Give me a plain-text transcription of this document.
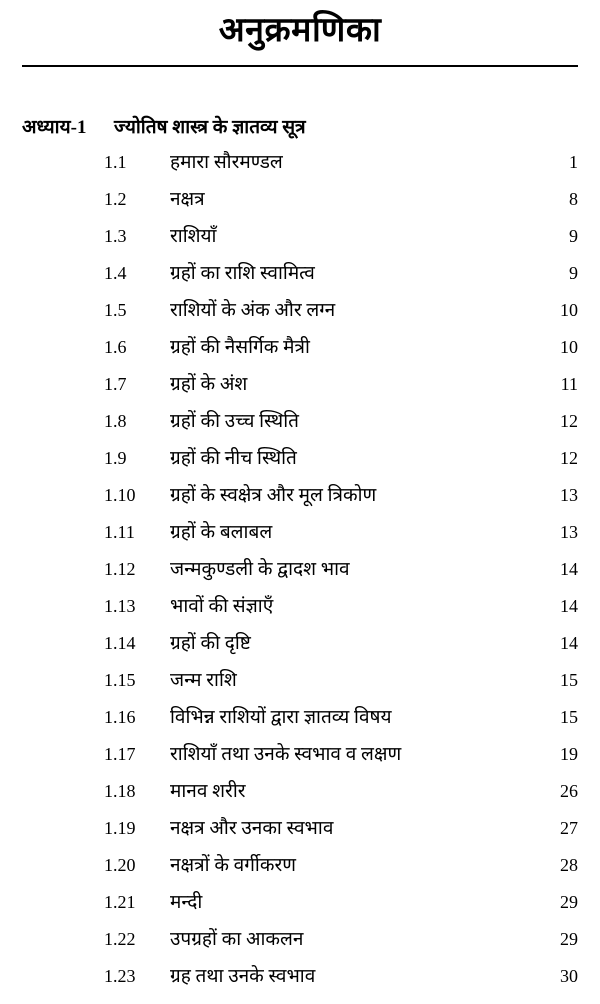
अनुक्रमणिका
अध्याय-1	ज्योतिष शास्त्र के ज्ञातव्य सूत्र
1.1	हमारा सौरमण्डल	1
1.2	नक्षत्र	8
1.3	राशियाँ	9
1.4	ग्रहों का राशि स्वामित्व	9
1.5	राशियों के अंक और लग्न	10
1.6	ग्रहों की नैसर्गिक मैत्री	10
1.7	ग्रहों के अंश	11
1.8	ग्रहों की उच्च स्थिति	12
1.9	ग्रहों की नीच स्थिति	12
1.10	ग्रहों के स्वक्षेत्र और मूल त्रिकोण	13
1.11	ग्रहों के बलाबल	13
1.12	जन्मकुण्डली के द्वादश भाव	14
1.13	भावों की संज्ञाएँ	14
1.14	ग्रहों की दृष्टि	14
1.15	जन्म राशि	15
1.16	विभिन्न राशियों द्वारा ज्ञातव्य विषय	15
1.17	राशियाँ तथा उनके स्वभाव व लक्षण	19
1.18	मानव शरीर	26
1.19	नक्षत्र और उनका स्वभाव	27
1.20	नक्षत्रों के वर्गीकरण	28
1.21	मन्दी	29
1.22	उपग्रहों का आकलन	29
1.23	ग्रह तथा उनके स्वभाव	30
